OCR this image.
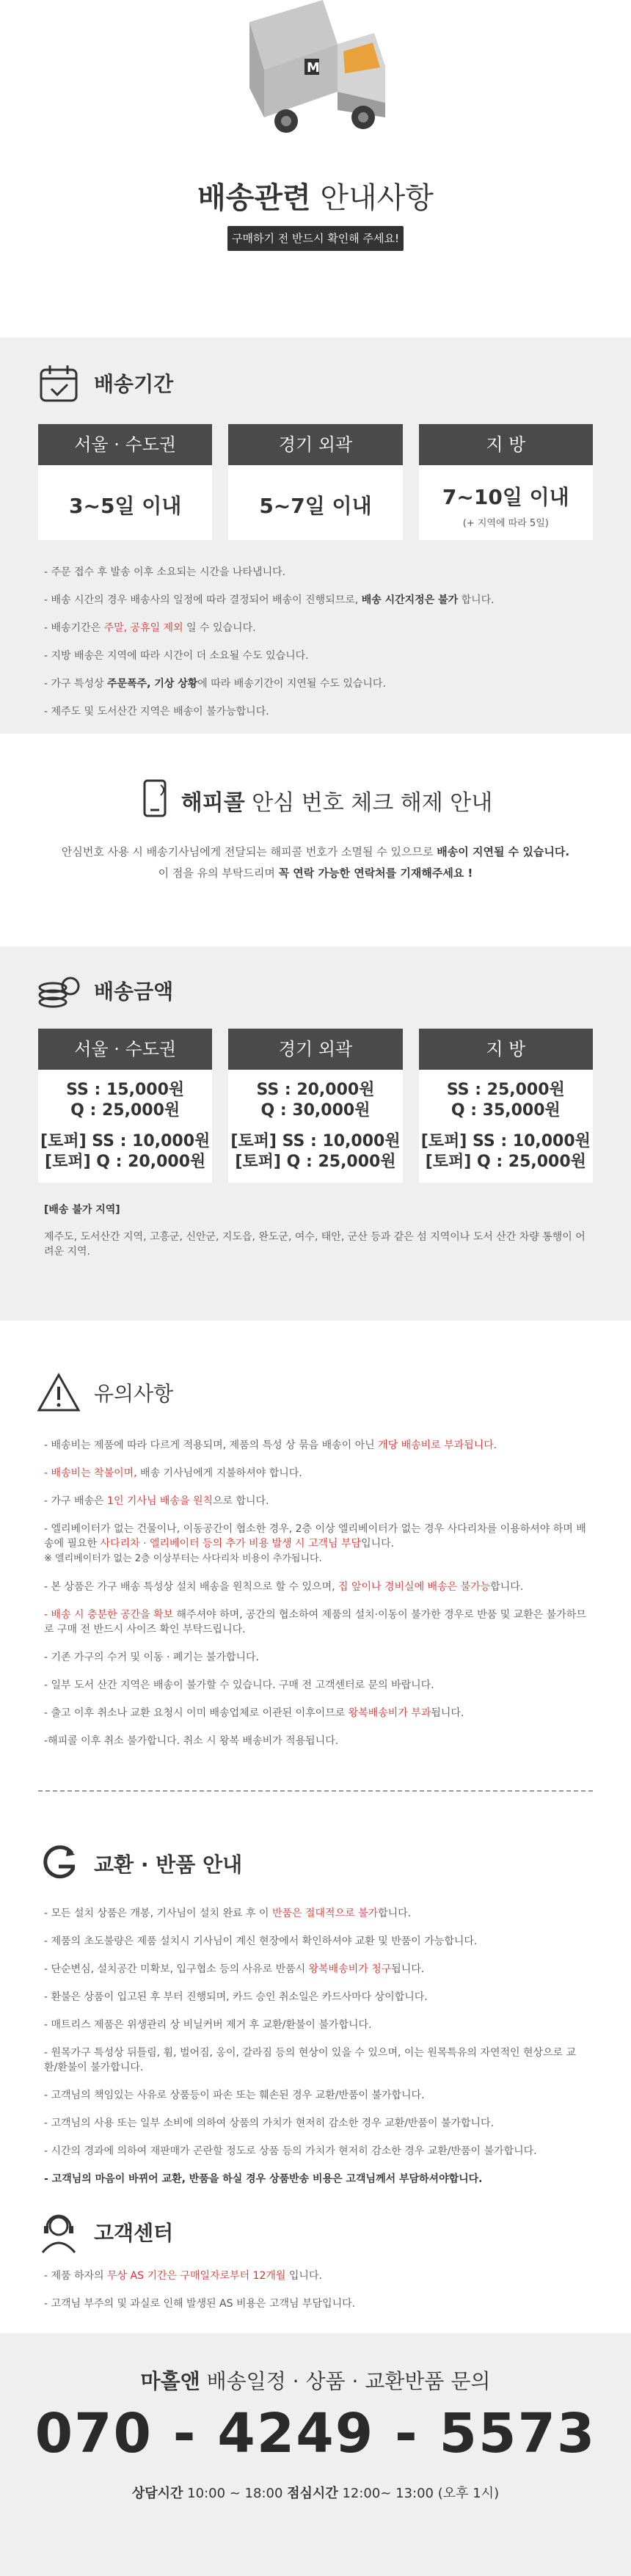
M
배송관련 안내사항
구매하기 전 반드시 확인해 주세요!
배송기간
서울 · 수도권
3~5일 이내
경기 외곽
5~7일 이내
지 방
7~10일 이내
(+ 지역에 따라 5일)
- 주문 접수 후 발송 이후 소요되는 시간을 나타냅니다.
- 배송 시간의 경우 배송사의 일정에 따라 결정되어 배송이 진행되므로, 배송 시간지정은 불가 합니다.
- 배송기간은 주말, 공휴일 제외 일 수 있습니다.
- 지방 배송은 지역에 따라 시간이 더 소요될 수도 있습니다.
- 가구 특성상 주문폭주, 기상 상황에 따라 배송기간이 지연될 수도 있습니다.
- 제주도 및 도서산간 지역은 배송이 불가능합니다.
해피콜 안심 번호 체크 해제 안내

안심번호 사용 시 배송기사님에게 전달되는 해피콜 번호가 소멸될 수 있으므로 배송이 지연될 수 있습니다.

이 점을 유의 부탁드리며 꼭 연락 가능한 연락처를 기재해주세요 !

배송금액
서울 · 수도권
SS : 15,000원
Q : 25,000원
[토퍼] SS : 10,000원
[토퍼] Q : 20,000원
경기 외곽
SS : 20,000원
Q : 30,000원
[토퍼] SS : 10,000원
[토퍼] Q : 25,000원
지 방
SS : 25,000원
Q : 35,000원
[토퍼] SS : 10,000원
[토퍼] Q : 25,000원
[배송 불가 지역]
제주도, 도서산간 지역, 고흥군, 신안군, 지도읍, 완도군, 여수, 태안, 군산 등과 같은 섬 지역이나 도서 산간 차량 통행이 어려운 지역.
유의사항
- 배송비는 제품에 따라 다르게 적용되며, 제품의 특성 상 묶음 배송이 아닌 개당 배송비로 부과됩니다.
- 배송비는 착불이며, 배송 기사님에게 지불하셔야 합니다.
- 가구 배송은 1인 기사님 배송을 원칙으로 합니다.
- 엘리베이터가 없는 건물이나, 이동공간이 협소한 경우, 2층 이상 엘리베이터가 없는 경우 사다리차를 이용하셔야 하며 배송에 필요한 사다리차 · 엘리베이터 등의 추가 비용 발생 시 고객님 부담입니다.
※ 엘리베이터가 없는 2층 이상부터는 사다리차 비용이 추가됩니다.
- 본 상품은 가구 배송 특성상 설치 배송을 원칙으로 할 수 있으며, 집 앞이나 경비실에 배송은 불가능합니다.
- 배송 시 충분한 공간을 확보 해주셔야 하며, 공간의 협소하여 제품의 설치·이동이 불가한 경우로 반품 및 교환은 불가하므로 구매 전 반드시 사이즈 확인 부탁드립니다.
- 기존 가구의 수거 및 이동 · 폐기는 불가합니다.
- 일부 도서 산간 지역은 배송이 불가할 수 있습니다. 구매 전 고객센터로 문의 바랍니다.
- 출고 이후 취소나 교환 요청시 이미 배송업체로 이관된 이후이므로 왕복배송비가 부과됩니다.
-해피콜 이후 취소 불가합니다. 취소 시 왕복 배송비가 적용됩니다.
교환 · 반품 안내
- 모든 설치 상품은 개봉, 기사님이 설치 완료 후 이 반품은 절대적으로 불가합니다.
- 제품의 초도불량은 제품 설치시 기사님이 계신 현장에서 확인하셔야 교환 및 반품이 가능합니다.
- 단순변심, 설치공간 미확보, 입구협소 등의 사유로 반품시 왕복배송비가 청구됩니다.
- 환불은 상품이 입고된 후 부터 진행되며, 카드 승인 취소일은 카드사마다 상이합니다.
- 매트리스 제품은 위생관리 상 비닐커버 제거 후 교환/환불이 불가합니다.
- 원목가구 특성상 뒤틀림, 휨, 벌어짐, 옹이, 갈라짐 등의 현상이 있을 수 있으며, 이는 원목특유의 자연적인 현상으로 교환/환불이 불가합니다.
- 고객님의 책임있는 사유로 상품등이 파손 또는 훼손된 경우 교환/반품이 불가합니다.
- 고객님의 사용 또는 일부 소비에 의하여 상품의 가치가 현저히 감소한 경우 교환/반품이 불가합니다.
- 시간의 경과에 의하여 재판매가 곤란할 정도로 상품 등의 가치가 현저히 감소한 경우 교환/반품이 불가합니다.
- 고객님의 마음이 바뀌어 교환, 반품을 하실 경우 상품반송 비용은 고객님께서 부담하셔야합니다.
고객센터
- 제품 하자의 무상 AS 기간은 구매일자로부터 12개월 입니다.
- 고객님 부주의 및 과실로 인해 발생된 AS 비용은 고객님 부담입니다.
마홀앤 배송일정 · 상품 · 교환반품 문의
070 - 4249 - 5573
상담시간 10:00 ~ 18:00 점심시간 12:00~ 13:00 (오후 1시)
